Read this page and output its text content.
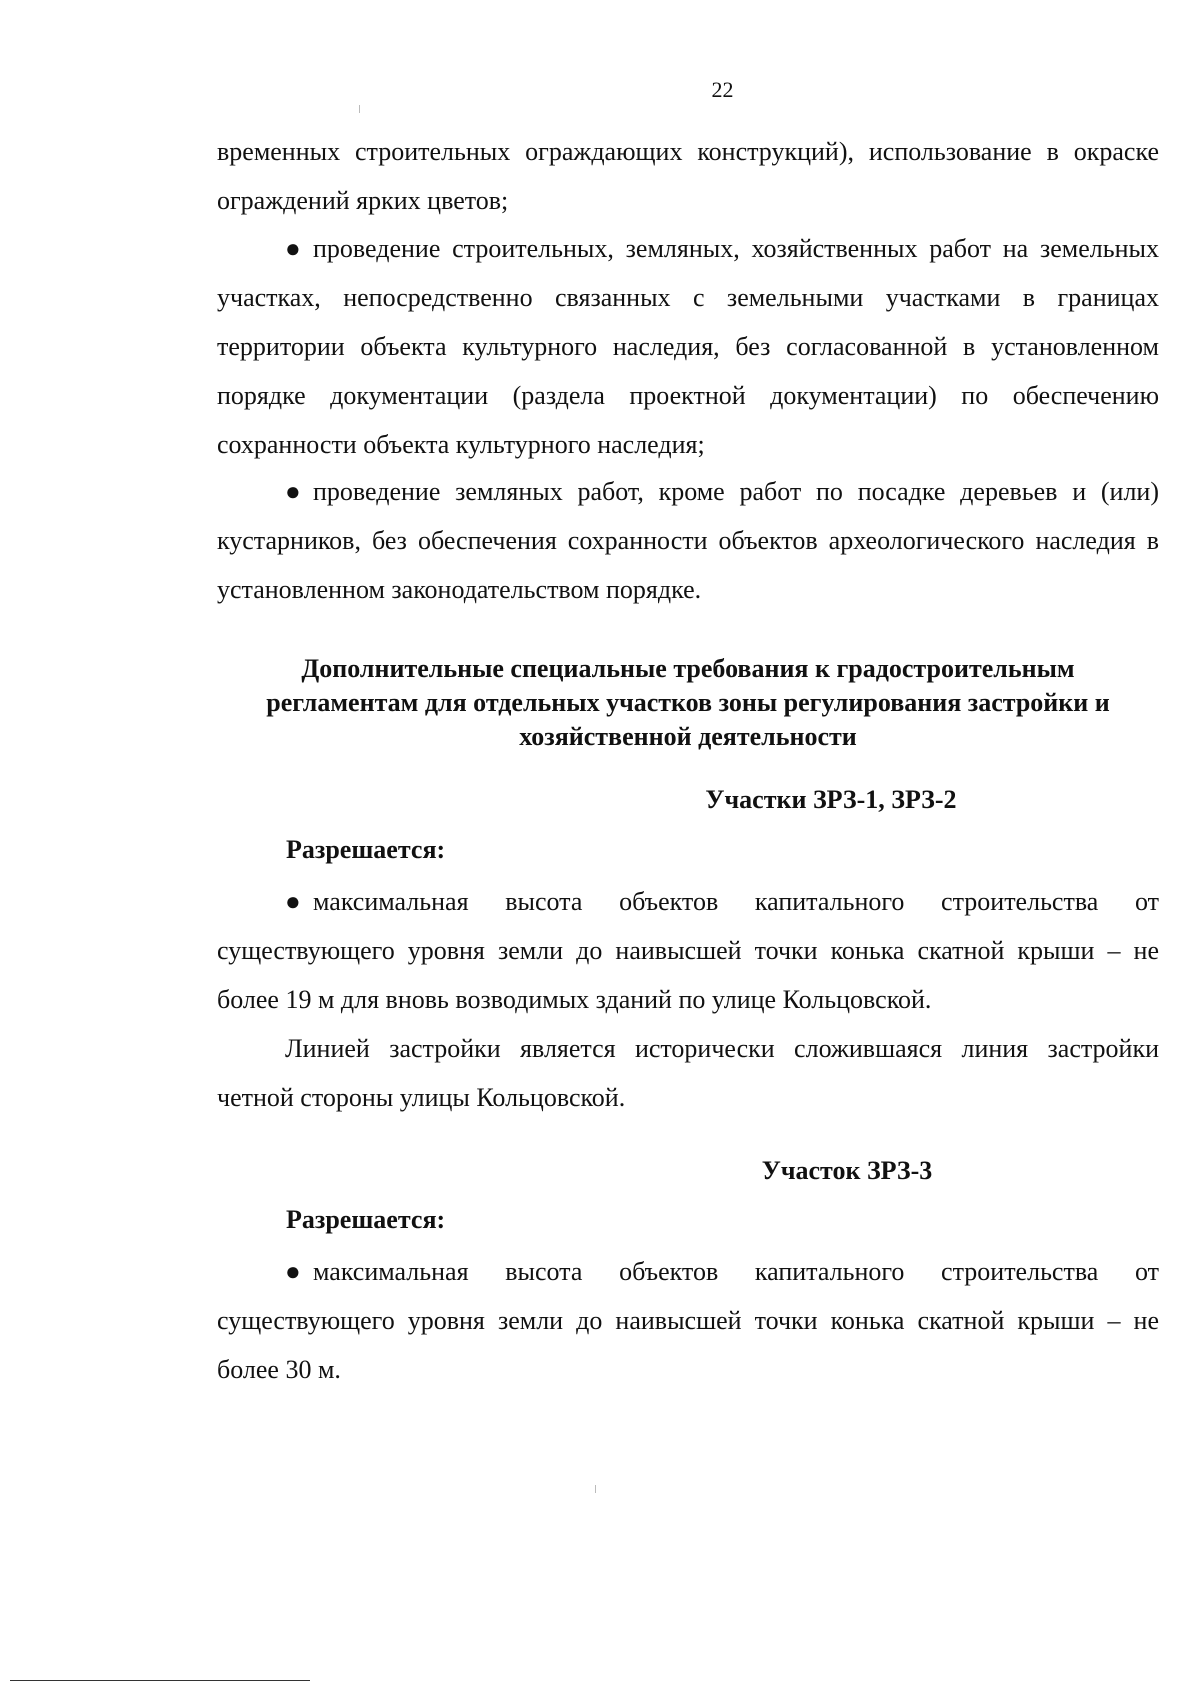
22

временных строительных ограждающих конструкций), использование в окраске ограждений ярких цветов;

● проведение строительных, земляных, хозяйственных работ на земельных участках, непосредственно связанных с земельными участками в границах территории объекта культурного наследия, без согласованной в установленном порядке документации (раздела проектной документации) по обеспечению сохранности объекта культурного наследия;

● проведение земляных работ, кроме работ по посадке деревьев и (или) кустарников, без обеспечения сохранности объектов археологического наследия в установленном законодательством порядке.

Дополнительные специальные требования к градостроительным
регламентам для отдельных участков зоны регулирования застройки и
хозяйственной деятельности

Участки ЗРЗ-1, ЗРЗ-2

Разрешается:

● максимальная высота объектов капитального строительства от существующего уровня земли до наивысшей точки конька скатной крыши – не более 19 м для вновь возводимых зданий по улице Кольцовской.

Линией застройки является исторически сложившаяся линия застройки четной стороны улицы Кольцовской.

Участок ЗРЗ-3

Разрешается:

● максимальная высота объектов капитального строительства от существующего уровня земли до наивысшей точки конька скатной крыши – не более 30 м.
